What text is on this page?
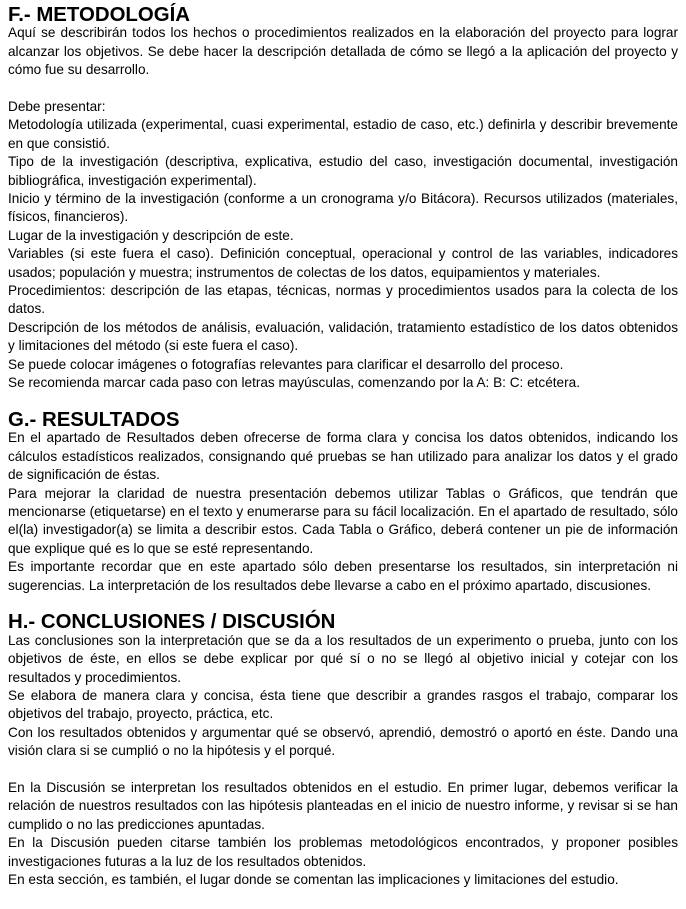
F.- METODOLOGÍA

Aquí se describirán todos los hechos o procedimientos realizados en la elaboración del proyecto para lograr alcanzar los objetivos. Se debe hacer la descripción detallada de cómo se llegó a la aplicación del proyecto y cómo fue su desarrollo.

Debe presentar:

Metodología utilizada (experimental, cuasi experimental, estadio de caso, etc.) definirla y describir brevemente en que consistió.

Tipo de la investigación (descriptiva, explicativa, estudio del caso, investigación documental, investigación bibliográfica, investigación experimental).

Inicio y término de la investigación (conforme a un cronograma y/o Bitácora). Recursos utilizados (materiales, físicos, financieros).

Lugar de la investigación y descripción de este.

Variables (si este fuera el caso). Definición conceptual, operacional y control de las variables, indicadores usados; populación y muestra; instrumentos de colectas de los datos, equipamientos y materiales.

Procedimientos: descripción de las etapas, técnicas, normas y procedimientos usados para la colecta de los datos.

Descripción de los métodos de análisis, evaluación, validación, tratamiento estadístico de los datos obtenidos y limitaciones del método (si este fuera el caso).

Se puede colocar imágenes o fotografías relevantes para clarificar el desarrollo del proceso.

Se recomienda marcar cada paso con letras mayúsculas, comenzando por la A: B: C: etcétera.

G.- RESULTADOS

En el apartado de Resultados deben ofrecerse de forma clara y concisa los datos obtenidos, indicando los cálculos estadísticos realizados, consignando qué pruebas se han utilizado para analizar los datos y el grado de significación de éstas.

Para mejorar la claridad de nuestra presentación debemos utilizar Tablas o Gráficos, que tendrán que mencionarse (etiquetarse) en el texto y enumerarse para su fácil localización. En el apartado de resultado, sólo el(la) investigador(a) se limita a describir estos. Cada Tabla o Gráfico, deberá contener un pie de información que explique qué es lo que se esté representando.

Es importante recordar que en este apartado sólo deben presentarse los resultados, sin interpretación ni sugerencias. La interpretación de los resultados debe llevarse a cabo en el próximo apartado, discusiones.

H.- CONCLUSIONES / DISCUSIÓN

Las conclusiones son la interpretación que se da a los resultados de un experimento o prueba, junto con los objetivos de éste, en ellos se debe explicar por qué sí o no se llegó al objetivo inicial y cotejar con los resultados y procedimientos.

Se elabora de manera clara y concisa, ésta tiene que describir a grandes rasgos el trabajo, comparar los objetivos del trabajo, proyecto, práctica, etc.

Con los resultados obtenidos y argumentar qué se observó, aprendió, demostró o aportó en éste. Dando una visión clara si se cumplió o no la hipótesis y el porqué.

En la Discusión se interpretan los resultados obtenidos en el estudio. En primer lugar, debemos verificar la relación de nuestros resultados con las hipótesis planteadas en el inicio de nuestro informe, y revisar si se han cumplido o no las predicciones apuntadas.

En la Discusión pueden citarse también los problemas metodológicos encontrados, y proponer posibles investigaciones futuras a la luz de los resultados obtenidos.

En esta sección, es también, el lugar donde se comentan las implicaciones y limitaciones del estudio.
